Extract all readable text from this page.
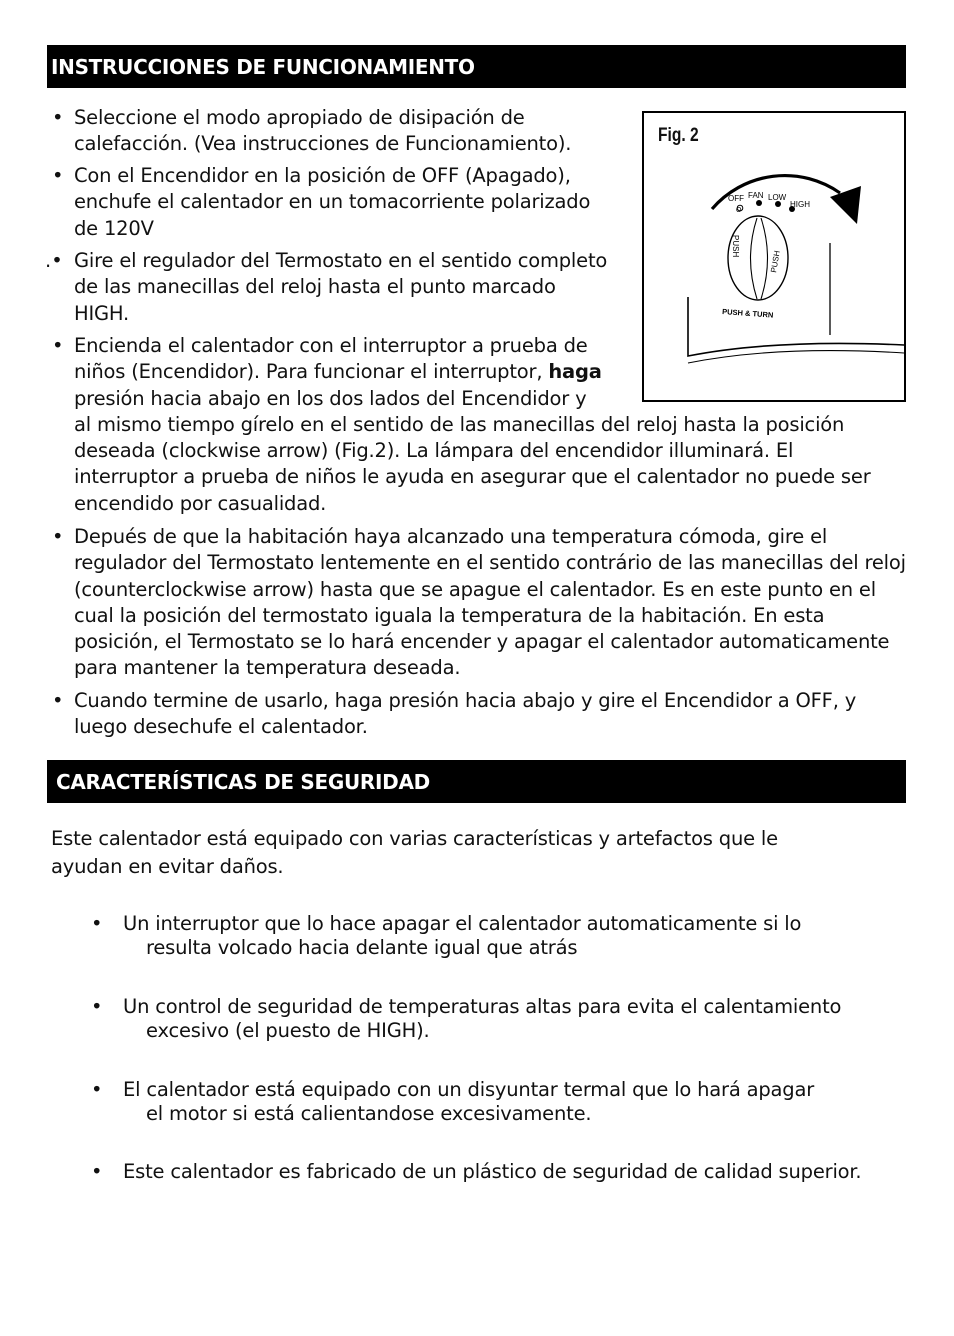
INSTRUCCIONES DE FUNCIONAMIENTO
• Seleccione el modo apropiado de disipación de
calefacción. (Vea instrucciones de Funcionamiento).
• Con el Encendidor en la posición de OFF (Apagado),
enchufe el calentador en un tomacorriente polarizado
de 120V
.• Gire el regulador del Termostato en el sentido completo
de las manecillas del reloj hasta el punto marcado
HIGH.
• Encienda el calentador con el interruptor a prueba de
niños (Encendidor). Para funcionar el interruptor, haga
presión hacia abajo en los dos lados del Encendidor y
al mismo tiempo gírelo en el sentido de las manecillas del reloj hasta la posición
deseada (clockwise arrow) (Fig.2). La lámpara del encendidor illuminará. El
interruptor a prueba de niños le ayuda en asegurar que el calentador no puede ser
encendido por casualidad.
• Depués de que la habitación haya alcanzado una temperatura cómoda, gire el
regulador del Termostato lentemente en el sentido contrário de las manecillas del reloj
(counterclockwise arrow) hasta que se apague el calentador. Es en este punto en el
cual la posición del termostato iguala la temperatura de la habitación. En esta
posición, el Termostato se lo hará encender y apagar el calentador automaticamente
para mantener la temperatura deseada.
• Cuando termine de usarlo, haga presión hacia abajo y gire el Encendidor a OFF, y
luego desechufe el calentador.
Fig. 2
OFF
O
FAN LOW
HIGH
PUSH
PUSH
PUSH & TURN
CARACTERÍSTICAS DE SEGURIDAD
Este calentador está equipado con varias características y artefactos que le
ayudan en evitar daños.
• Un interruptor que lo hace apagar el calentador automaticamente si lo
resulta volcado hacia delante igual que atrás
• Un control de seguridad de temperaturas altas para evita el calentamiento
excesivo (el puesto de HIGH).
• El calentador está equipado con un disyuntar termal que lo hará apagar
el motor si está calientandose excesivamente.
• Este calentador es fabricado de un plástico de seguridad de calidad superior.
